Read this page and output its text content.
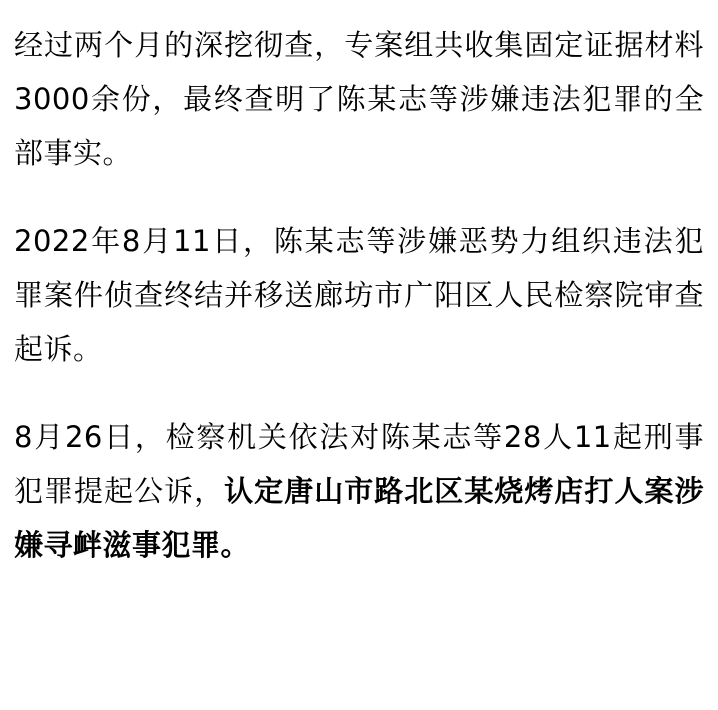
经过两个月的深挖彻查，专案组共收集固定证据材料3000余份，最终查明了陈某志等涉嫌违法犯罪的全部事实。

2022年8月11日，陈某志等涉嫌恶势力组织违法犯罪案件侦查终结并移送廊坊市广阳区人民检察院审查起诉。

8月26日，检察机关依法对陈某志等28人11起刑事犯罪提起公诉，认定唐山市路北区某烧烤店打人案涉嫌寻衅滋事犯罪。
